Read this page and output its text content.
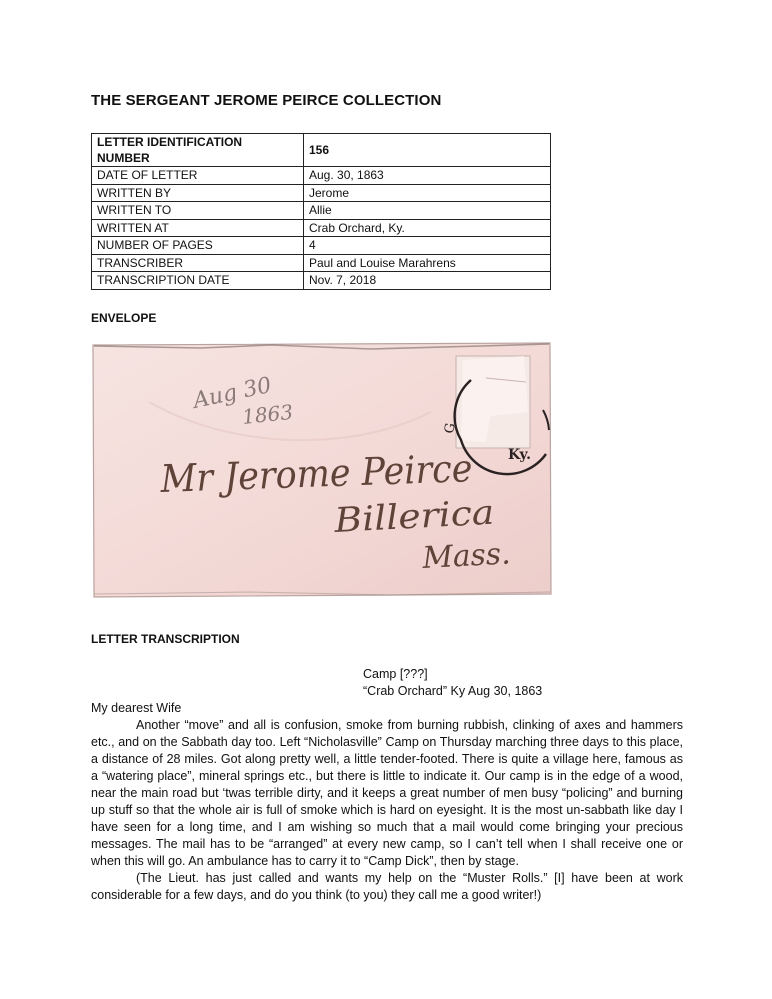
THE SERGEANT JEROME PEIRCE COLLECTION
LETTER IDENTIFICATION NUMBER	156
DATE OF LETTER	Aug. 30, 1863
WRITTEN BY	Jerome
WRITTEN TO	Allie
WRITTEN AT	Crab Orchard, Ky.
NUMBER OF PAGES	4
TRANSCRIBER	Paul and Louise Marahrens
TRANSCRIPTION DATE	Nov. 7, 2018
ENVELOPE
G
Ky.
Aug 30
1863
Mr Jerome Peirce
Billerica
Mass.
LETTER TRANSCRIPTION
Camp [???]
“Crab Orchard” Ky Aug 30, 1863
My dearest Wife

Another “move” and all is confusion, smoke from burning rubbish, clinking of axes and hammers etc., and on the Sabbath day too. Left “Nicholasville” Camp on Thursday marching three days to this place, a distance of 28 miles. Got along pretty well, a little tender-footed. There is quite a village here, famous as a “watering place”, mineral springs etc., but there is little to indicate it. Our camp is in the edge of a wood, near the main road but ‘twas terrible dirty, and it keeps a great number of men busy “policing” and burning up stuff so that the whole air is full of smoke which is hard on eyesight. It is the most un-sabbath like day I have seen for a long time, and I am wishing so much that a mail would come bringing your precious messages. The mail has to be “arranged” at every new camp, so I can’t tell when I shall receive one or when this will go. An ambulance has to carry it to “Camp Dick”, then by stage.

(The Lieut. has just called and wants my help on the “Muster Rolls.” [I] have been at work considerable for a few days, and do you think (to you) they call me a good writer!)
